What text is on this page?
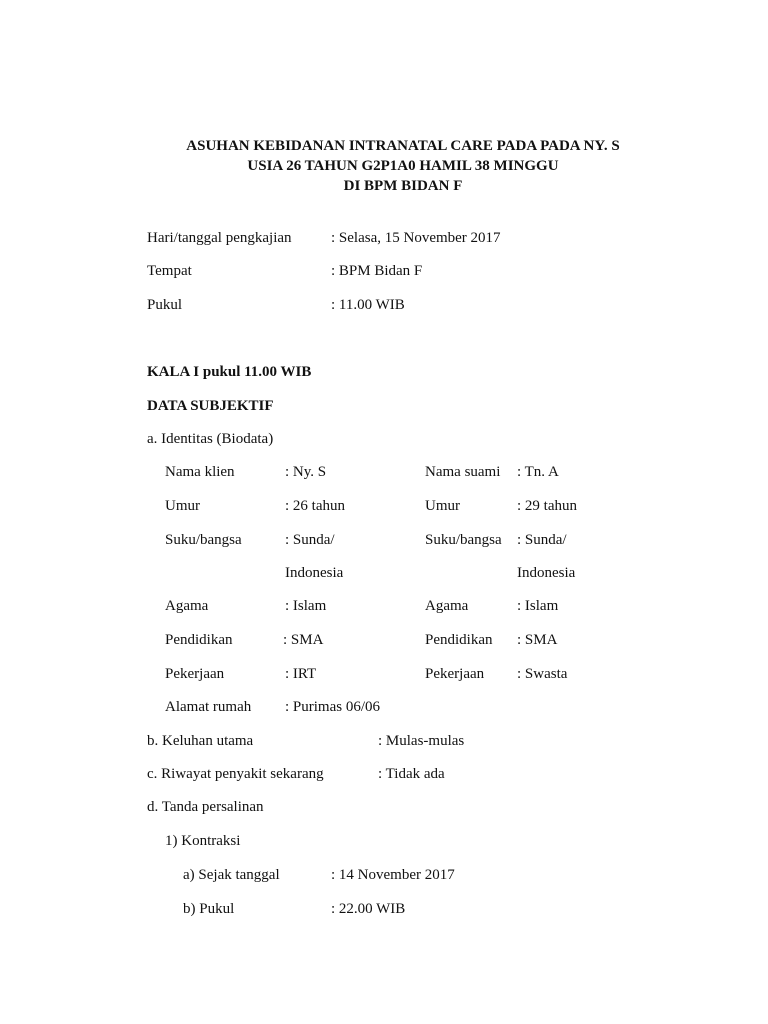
ASUHAN KEBIDANAN INTRANATAL CARE PADA PADA NY. S
USIA 26 TAHUN G2P1A0 HAMIL 38 MINGGU
DI BPM BIDAN F
Hari/tanggal pengkajian	: Selasa, 15 November 2017
Tempat	: BPM Bidan F
Pukul	: 11.00 WIB
KALA I pukul 11.00 WIB
DATA SUBJEKTIF
a. Identitas (Biodata)
Nama klien	: Ny. S	Nama suami : Tn. A
Umur	: 26 tahun	Umur	: 29 tahun
Suku/bangsa	: Sunda/	Suku/bangsa : Sunda/
Indonesia	Indonesia
Agama	: Islam	Agama	: Islam
Pendidikan	: SMA	Pendidikan : SMA
Pekerjaan	: IRT	Pekerjaan : Swasta
Alamat rumah : Purimas 06/06
b. Keluhan utama	: Mulas-mulas
c. Riwayat penyakit sekarang	: Tidak ada
d. Tanda persalinan
1) Kontraksi
a) Sejak tanggal	: 14 November 2017
b) Pukul	: 22.00 WIB
